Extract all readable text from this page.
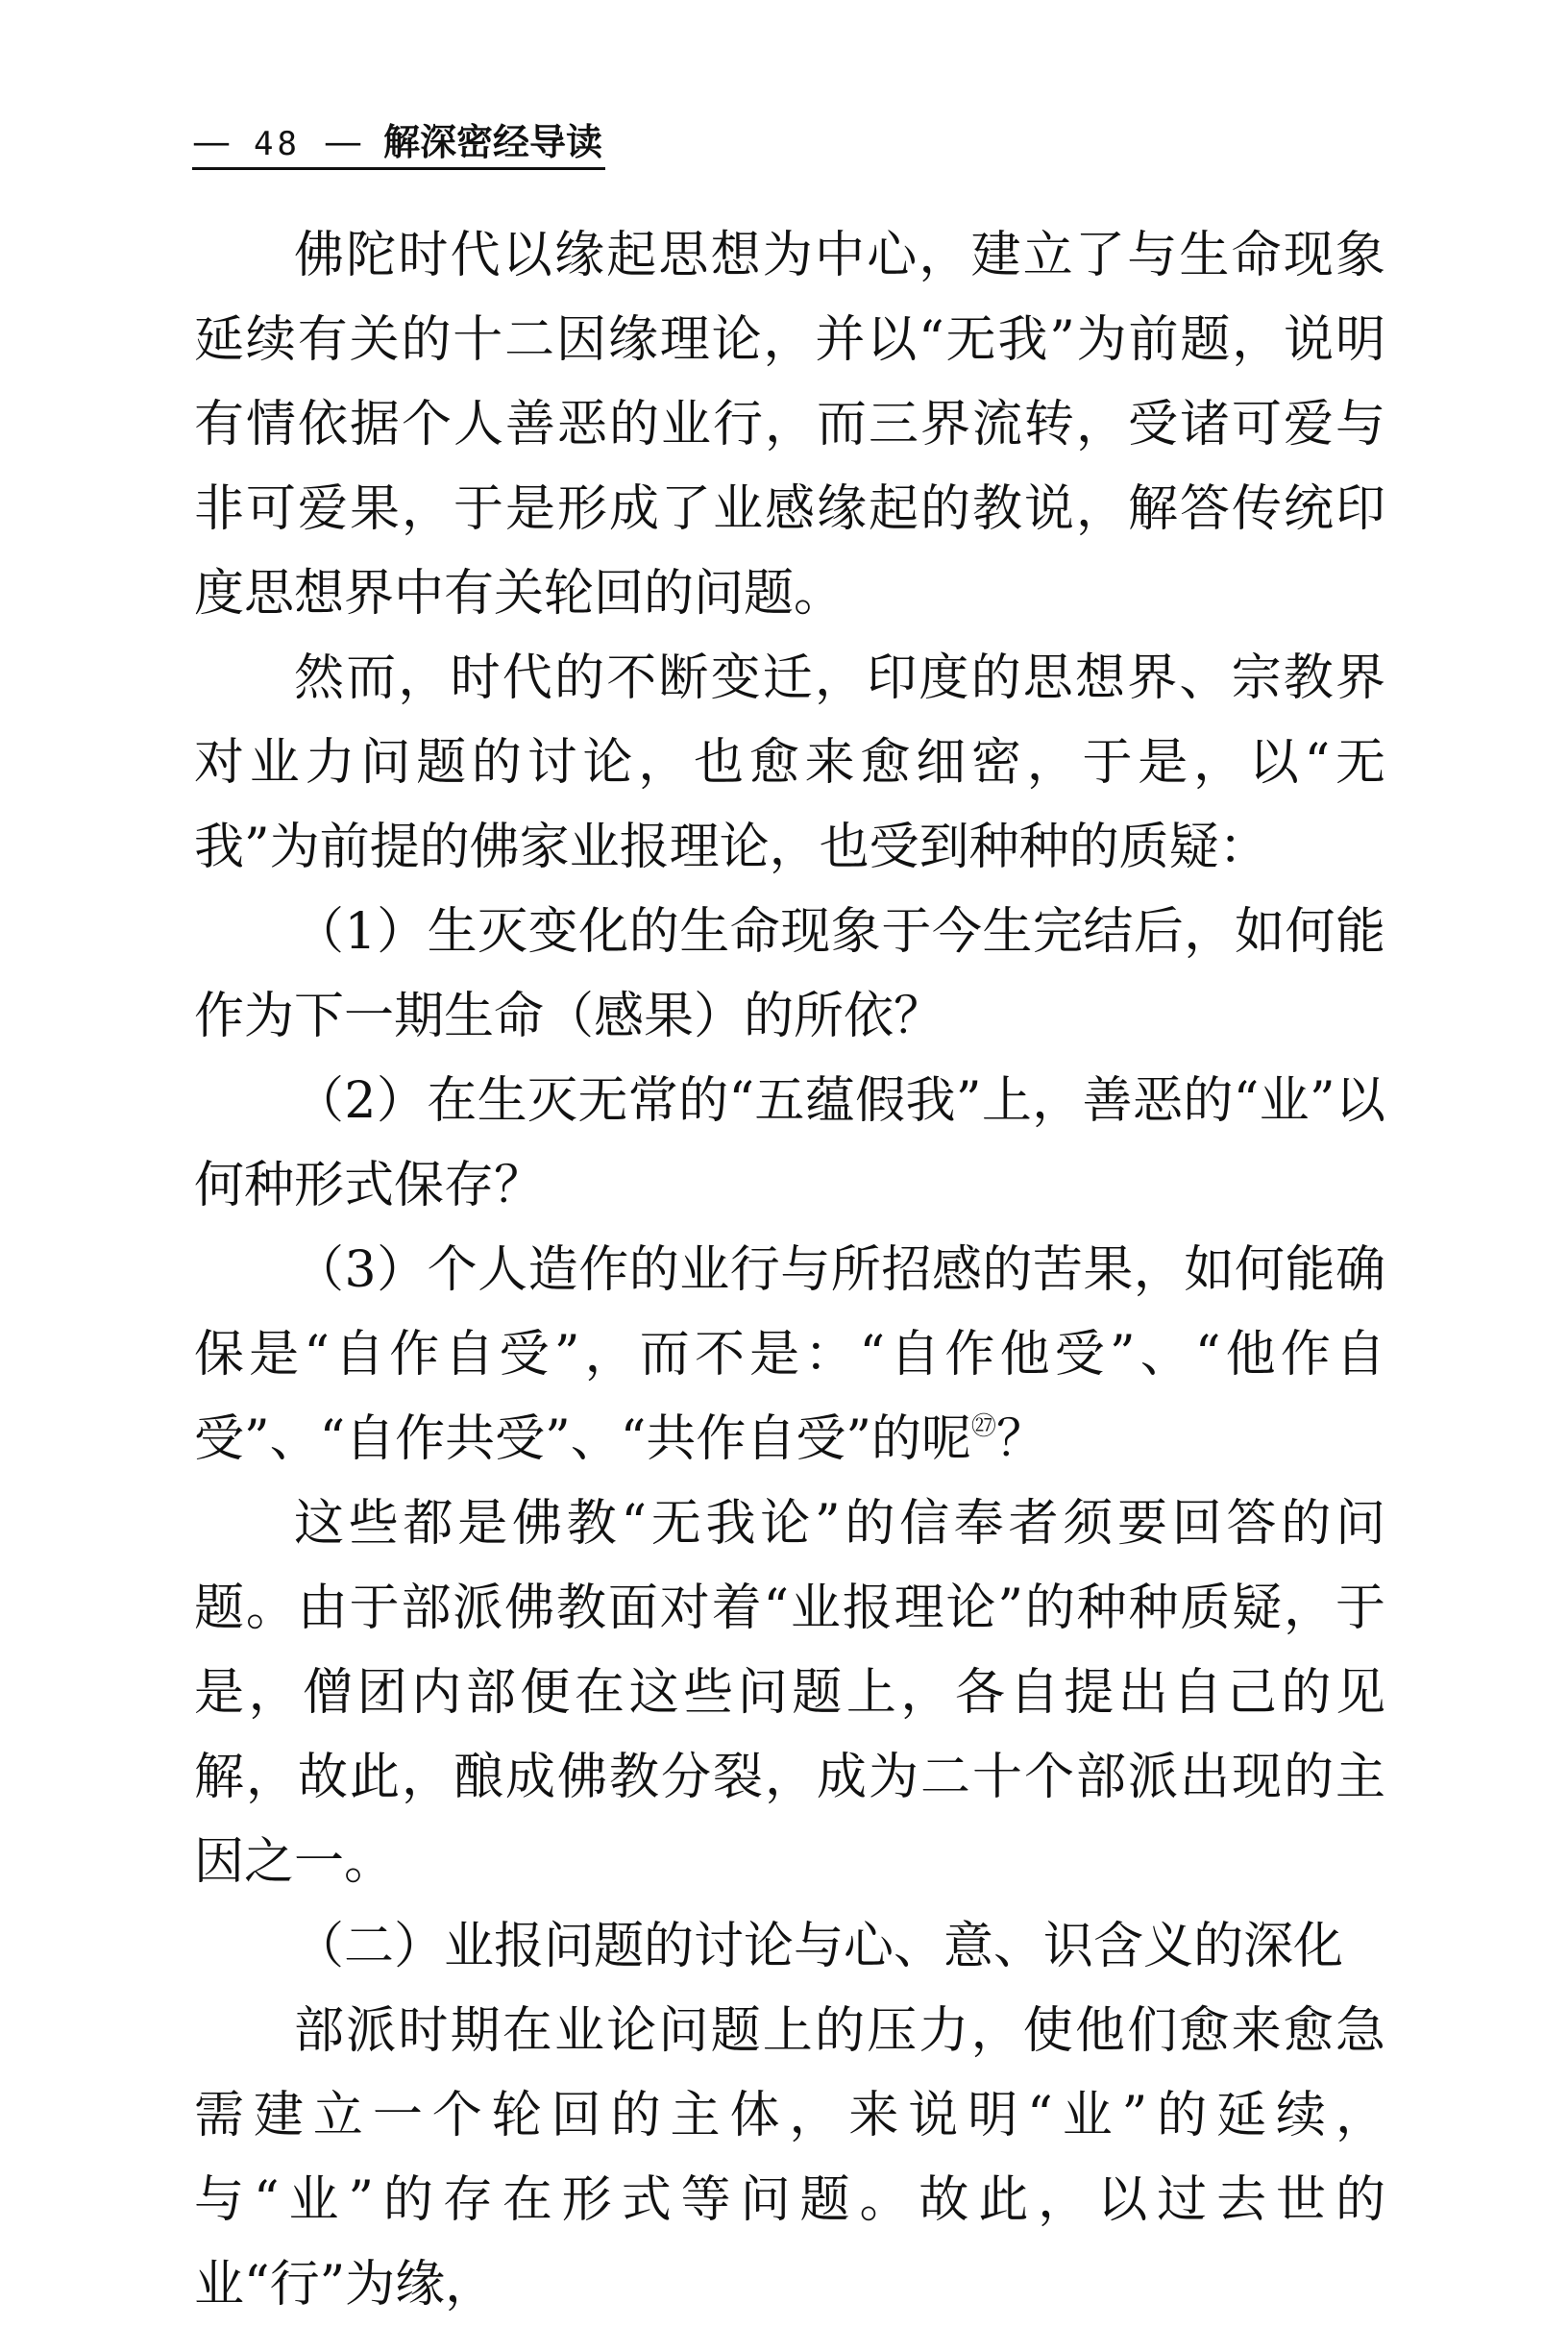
— 48 — 解深密经导读

佛陀时代以缘起思想为中心，建立了与生命现象延续有关的十二因缘理论，并以“无我”为前题，说明有情依据个人善恶的业行，而三界流转，受诸可爱与非可爱果，于是形成了业感缘起的教说，解答传统印度思想界中有关轮回的问题。

然而，时代的不断变迁，印度的思想界、宗教界对业力问题的讨论，也愈来愈细密，于是，以“无我”为前提的佛家业报理论，也受到种种的质疑：

（1）生灭变化的生命现象于今生完结后，如何能作为下一期生命（感果）的所依？

（2）在生灭无常的“五蕴假我”上，善恶的“业”以何种形式保存？

（3）个人造作的业行与所招感的苦果，如何能确保是“自作自受”，而不是：“自作他受”、“他作自受”、“自作共受”、“共作自受”的呢$^㉗$？

这些都是佛教“无我论”的信奉者须要回答的问题。由于部派佛教面对着“业报理论”的种种质疑，于是，僧团内部便在这些问题上，各自提出自己的见解，故此，酿成佛教分裂，成为二十个部派出现的主因之一。

（二）业报问题的讨论与心、意、识含义的深化

部派时期在业论问题上的压力，使他们愈来愈急需建立一个轮回的主体，来说明“业”的延续，与“业”的存在形式等问题。故此，以过去世的业“行”为缘，
